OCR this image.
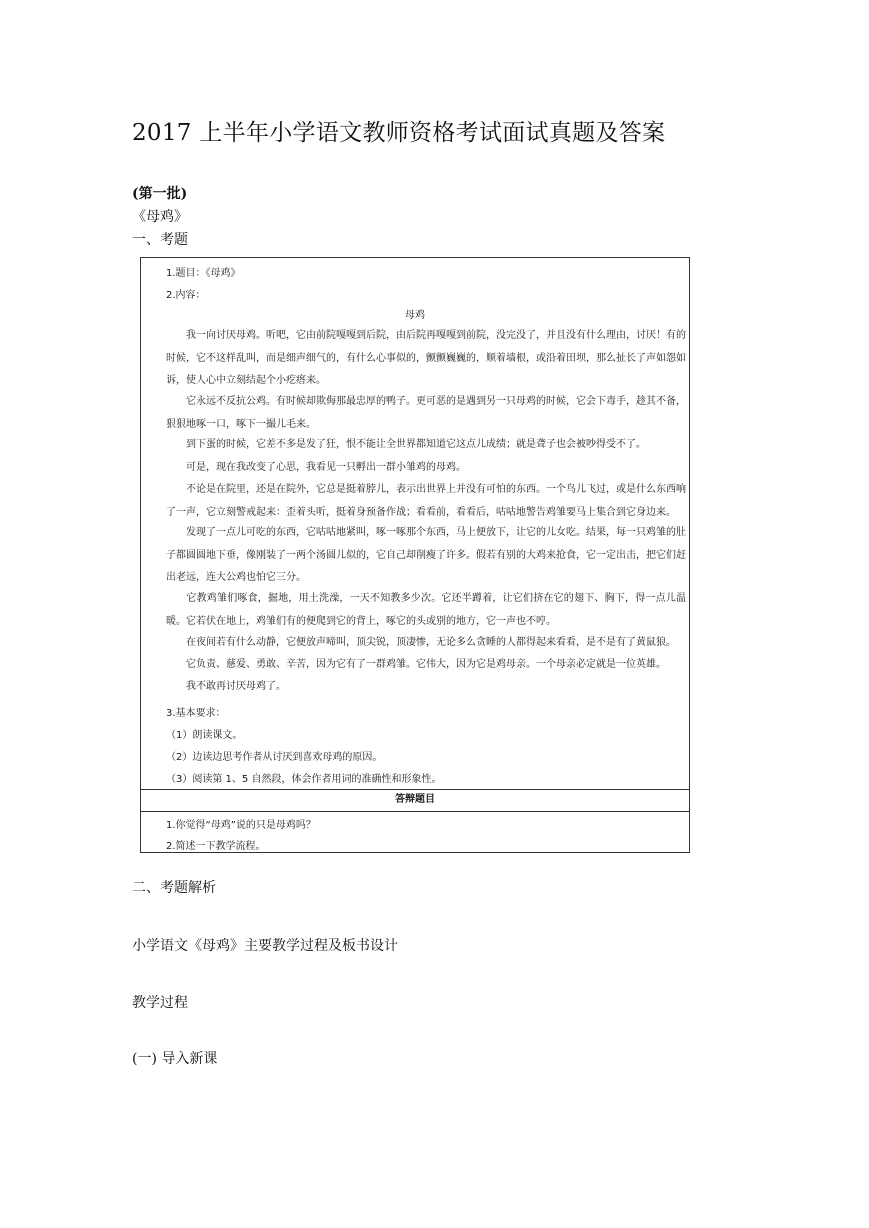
2017 上半年小学语文教师资格考试面试真题及答案
(第一批)
《母鸡》
一、考题
1.题目：《母鸡》
2.内容：
母鸡
　　我一向讨厌母鸡。听吧，它由前院嘎嘎到后院，由后院再嘎嘎到前院，没完没了，并且没有什么理由，讨厌！有的时候，它不这样乱叫，而是细声细气的，有什么心事似的，颤颤巍巍的，顺着墙根，或沿着田坝，那么扯长了声如怨如诉，使人心中立刻结起个小疙瘩来。
　　它永远不反抗公鸡。有时候却欺侮那最忠厚的鸭子。更可恶的是遇到另一只母鸡的时候，它会下毒手，趁其不备，狠狠地啄一口，啄下一撮儿毛来。
　　到下蛋的时候，它差不多是发了狂，恨不能让全世界都知道它这点儿成绩；就是聋子也会被吵得受不了。
　　可是，现在我改变了心思，我看见一只孵出一群小雏鸡的母鸡。
　　不论是在院里，还是在院外，它总是挺着脖儿，表示出世界上并没有可怕的东西。一个鸟儿飞过，或是什么东西响了一声，它立刻警戒起来：歪着头听，挺着身预备作战；看看前，看看后，咕咕地警告鸡雏要马上集合到它身边来。
　　发现了一点儿可吃的东西，它咕咕地紧叫，啄一啄那个东西，马上便放下，让它的儿女吃。结果，每一只鸡雏的肚子都圆圆地下垂，像刚装了一两个汤圆儿似的，它自己却削瘦了许多。假若有别的大鸡来抢食，它一定出击，把它们赶出老远，连大公鸡也怕它三分。
　　它教鸡雏们啄食，掘地，用土洗澡，一天不知教多少次。它还半蹲着，让它们挤在它的翅下、胸下，得一点儿温暖。它若伏在地上，鸡雏们有的便爬到它的背上，啄它的头或别的地方，它一声也不哼。
　　在夜间若有什么动静，它便放声啼叫，顶尖锐，顶凄惨，无论多么贪睡的人都得起来看看，是不是有了黄鼠狼。
　　它负责、慈爱、勇敢、辛苦，因为它有了一群鸡雏。它伟大，因为它是鸡母亲。一个母亲必定就是一位英雄。
　　我不敢再讨厌母鸡了。
3.基本要求：
（1）朗读课文。
（2）边读边思考作者从讨厌到喜欢母鸡的原因。
（3）阅读第 1、5 自然段，体会作者用词的准确性和形象性。
答辩题目
1.你觉得“母鸡”说的只是母鸡吗？
2.简述一下教学流程。
二、考题解析
小学语文《母鸡》主要教学过程及板书设计
教学过程
(一) 导入新课
